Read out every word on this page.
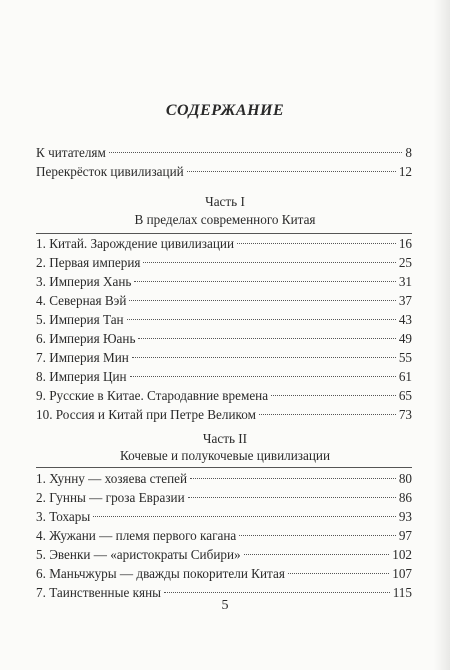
СОДЕРЖАНИЕ
К читателям	8
Перекрёсток цивилизаций	12
Часть I
В пределах современного Китая
1. Китай. Зарождение цивилизации	16
2. Первая империя	25
3. Империя Хань	31
4. Северная Вэй	37
5. Империя Тан	43
6. Империя Юань	49
7. Империя Мин	55
8. Империя Цин	61
9. Русские в Китае. Стародавние времена	65
10. Россия и Китай при Петре Великом	73
Часть II
Кочевые и полукочевые цивилизации
1. Хунну — хозяева степей	80
2. Гунны — гроза Евразии	86
3. Тохары	93
4. Жужани — племя первого кагана	97
5. Эвенки — «аристократы Сибири»	102
6. Маньчжуры — дважды покорители Китая	107
7. Таинственные кяны	115
5
